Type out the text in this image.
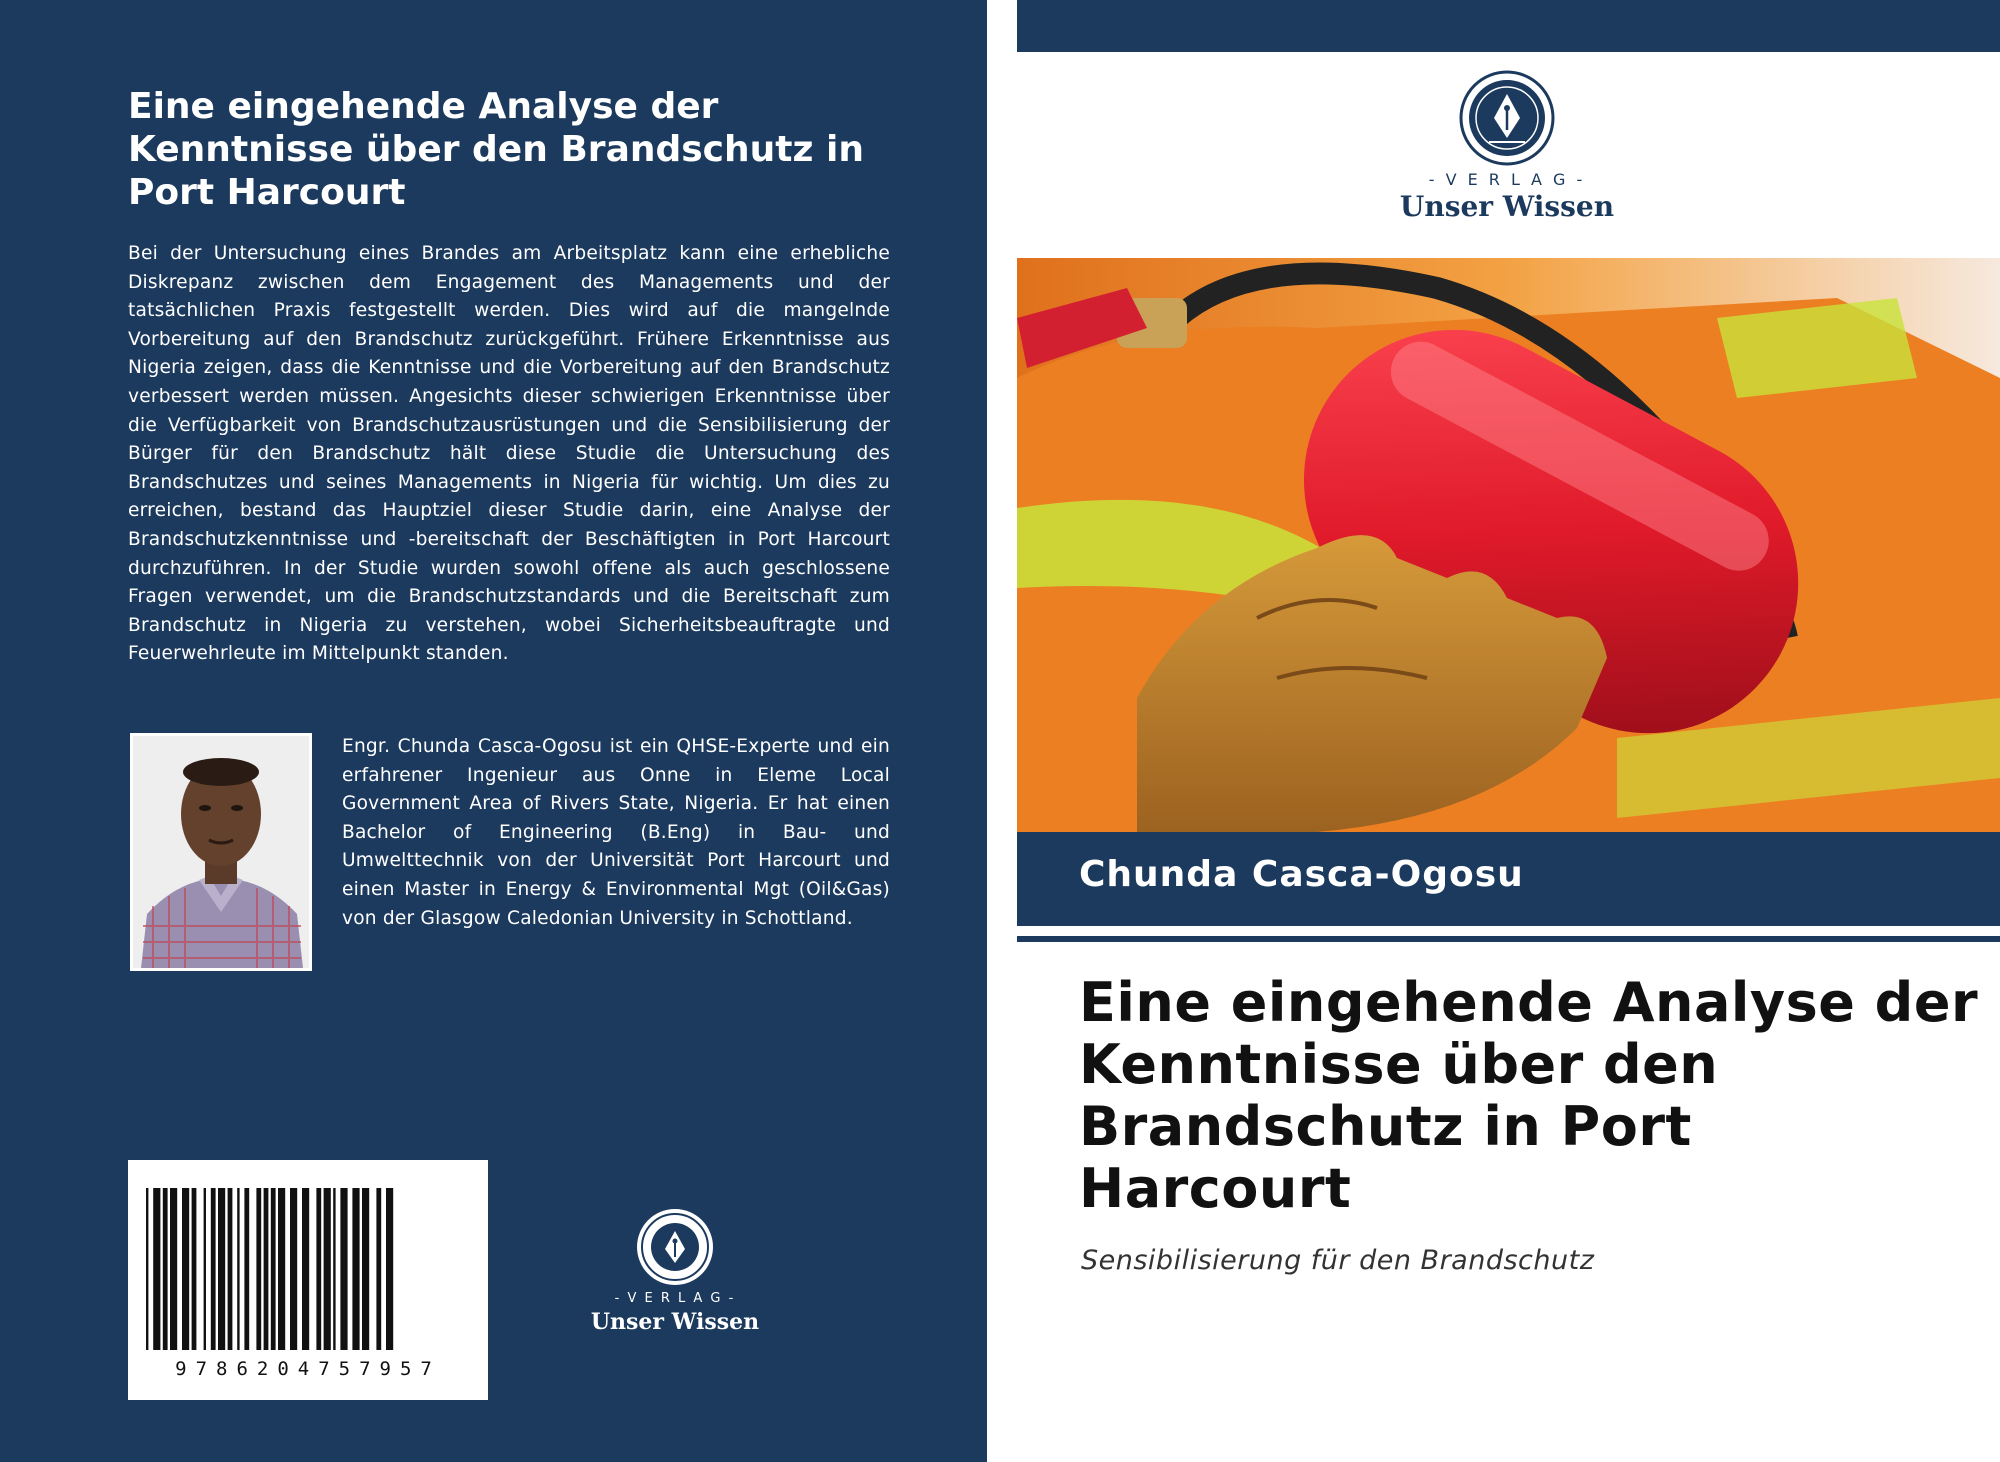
Eine eingehende Analyse der Kenntnisse über den Brandschutz in Port Harcourt

Bei der Untersuchung eines Brandes am Arbeitsplatz kann eine erhebliche Diskrepanz zwischen dem Engagement des Managements und der tatsächlichen Praxis festgestellt werden. Dies wird auf die mangelnde Vorbereitung auf den Brandschutz zurückgeführt. Frühere Erkenntnisse aus Nigeria zeigen, dass die Kenntnisse und die Vorbereitung auf den Brandschutz verbessert werden müssen. Angesichts dieser schwierigen Erkenntnisse über die Verfügbarkeit von Brandschutzausrüstungen und die Sensibilisierung der Bürger für den Brandschutz hält diese Studie die Untersuchung des Brandschutzes und seines Managements in Nigeria für wichtig. Um dies zu erreichen, bestand das Hauptziel dieser Studie darin, eine Analyse der Brandschutzkenntnisse und -bereitschaft der Beschäftigten in Port Harcourt durchzuführen. In der Studie wurden sowohl offene als auch geschlossene Fragen verwendet, um die Brandschutzstandards und die Bereitschaft zum Brandschutz in Nigeria zu verstehen, wobei Sicherheitsbeauftragte und Feuerwehrleute im Mittelpunkt standen.

Engr. Chunda Casca-Ogosu ist ein QHSE-Experte und ein erfahrener Ingenieur aus Onne in Eleme Local Government Area of Rivers State, Nigeria. Er hat einen Bachelor of Engineering (B.Eng) in Bau- und Umwelttechnik von der Universität Port Harcourt und einen Master in Energy & Environmental Mgt (Oil&Gas) von der Glasgow Caledonian University in Schottland.

9786204757957
- V E R L A G -
Unser Wissen
- V E R L A G -
Unser Wissen
Chunda Casca-Ogosu
Eine eingehende Analyse der Kenntnisse über den Brandschutz in Port Harcourt
Sensibilisierung für den Brandschutz
